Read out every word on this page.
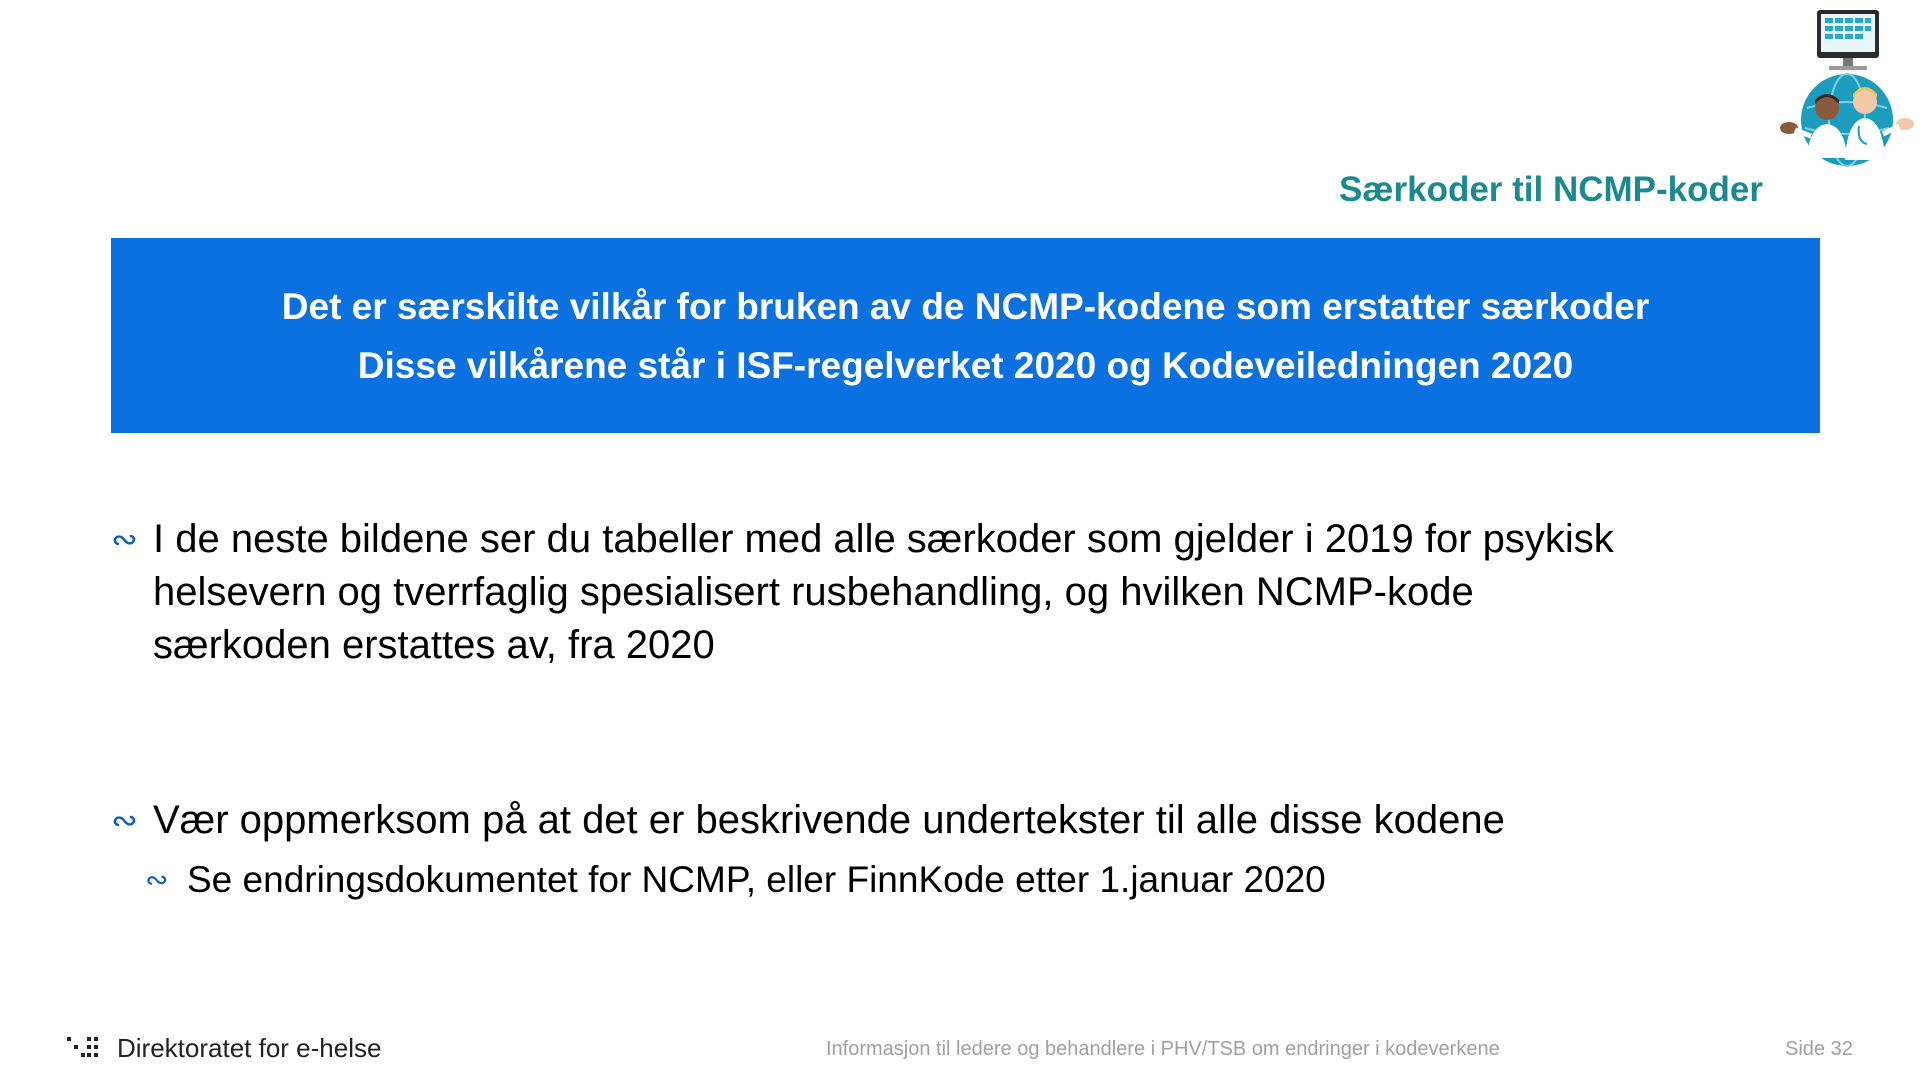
Særkoder til NCMP-koder
Det er særskilte vilkår for bruken av de NCMP-kodene som erstatter særkoder
Disse vilkårene står i ISF-regelverket 2020 og Kodeveiledningen 2020
∾ I de neste bildene ser du tabeller med alle særkoder som gjelder i 2019 for psykisk
helsevern og tverrfaglig spesialisert rusbehandling, og hvilken NCMP-kode
særkoden erstattes av, fra 2020
∾ Vær oppmerksom på at det er beskrivende undertekster til alle disse kodene
∾ Se endringsdokumentet for NCMP, eller FinnKode etter 1.januar 2020
Direktoratet for e-helse	Informasjon til ledere og behandlere i PHV/TSB om endringer i kodeverkene	Side 32
